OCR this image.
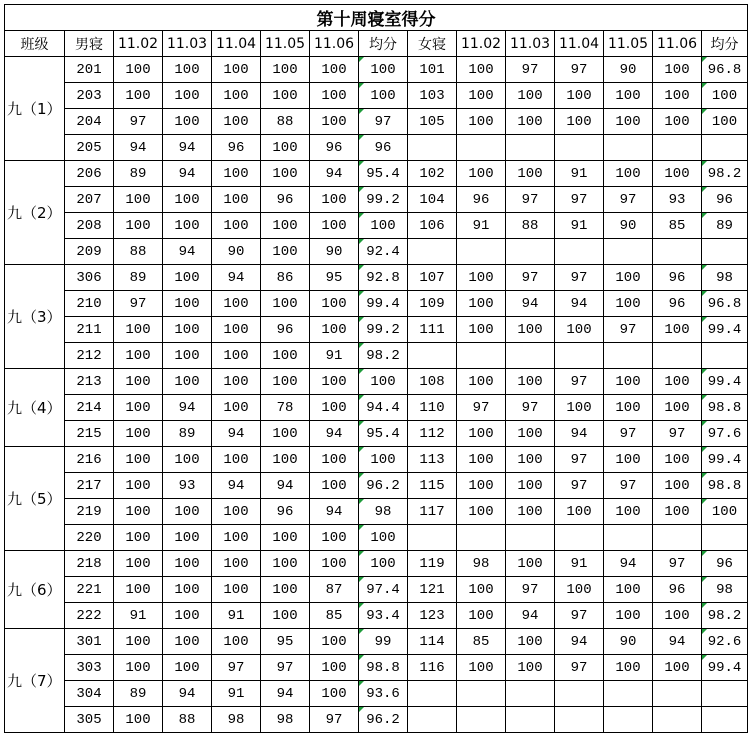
第十周寝室得分														
班级	男寝	11.02	11.03	11.04	11.05	11.06	均分	女寝	11.02	11.03	11.04	11.05	11.06	均分
九（1）	201	100	100	100	100	100	100	101	100	97	97	90	100	96.8
	203	100	100	100	100	100	100	103	100	100	100	100	100	100
	204	97	100	100	88	100	97	105	100	100	100	100	100	100
	205	94	94	96	100	96	96							
九（2）	206	89	94	100	100	94	95.4	102	100	100	91	100	100	98.2
	207	100	100	100	96	100	99.2	104	96	97	97	97	93	96
	208	100	100	100	100	100	100	106	91	88	91	90	85	89
	209	88	94	90	100	90	92.4							
九（3）	306	89	100	94	86	95	92.8	107	100	97	97	100	96	98
	210	97	100	100	100	100	99.4	109	100	94	94	100	96	96.8
	211	100	100	100	96	100	99.2	111	100	100	100	97	100	99.4
	212	100	100	100	100	91	98.2							
九（4）	213	100	100	100	100	100	100	108	100	100	97	100	100	99.4
	214	100	94	100	78	100	94.4	110	97	97	100	100	100	98.8
	215	100	89	94	100	94	95.4	112	100	100	94	97	97	97.6
九（5）	216	100	100	100	100	100	100	113	100	100	97	100	100	99.4
	217	100	93	94	94	100	96.2	115	100	100	97	97	100	98.8
	219	100	100	100	96	94	98	117	100	100	100	100	100	100
	220	100	100	100	100	100	100							
九（6）	218	100	100	100	100	100	100	119	98	100	91	94	97	96
	221	100	100	100	100	87	97.4	121	100	97	100	100	96	98
	222	91	100	91	100	85	93.4	123	100	94	97	100	100	98.2
九（7）	301	100	100	100	95	100	99	114	85	100	94	90	94	92.6
	303	100	100	97	97	100	98.8	116	100	100	97	100	100	99.4
	304	89	94	91	94	100	93.6							
	305	100	88	98	98	97	96.2							
